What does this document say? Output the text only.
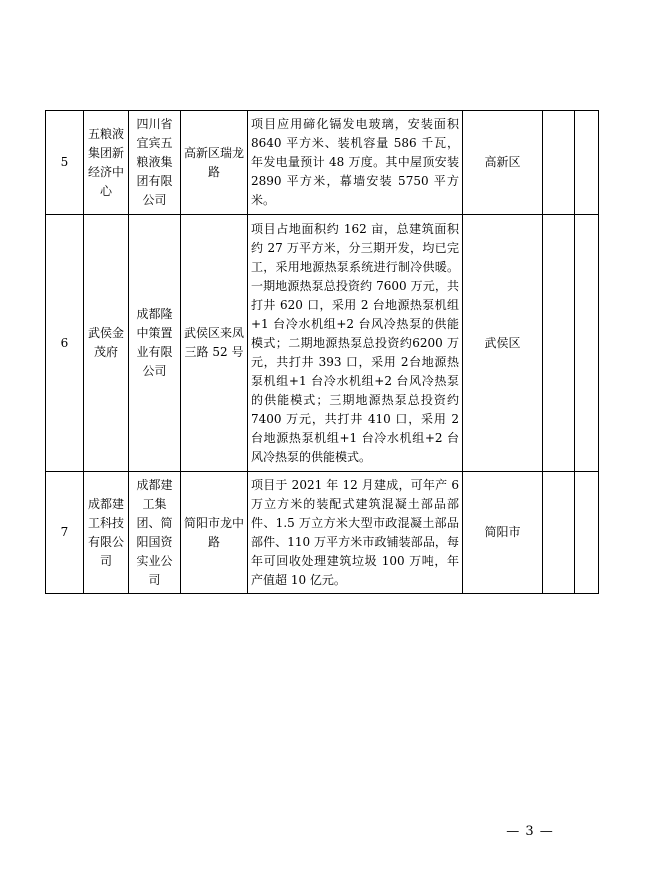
5	五粮液集团新经济中心	四川省宜宾五粮液集团有限公司	高新区瑞龙路	项目应用碲化镉发电玻璃，安装面积8640 平方米、装机容量 586 千瓦，年发电量预计 48 万度。其中屋顶安装2890 平方米，幕墙安装 5750 平方米。	高新区		
6	武侯金茂府	成都隆中策置业有限公司	武侯区来凤三路 52 号	项目占地面积约 162 亩，总建筑面积约 27 万平方米，分三期开发，均已完工，采用地源热泵系统进行制冷供暖。一期地源热泵总投资约 7600 万元，共打井 620 口，采用 2 台地源热泵机组+1 台冷水机组+2 台风冷热泵的供能模式；二期地源热泵总投资约6200 万元，共打井 393 口，采用 2台地源热泵机组+1 台冷水机组+2 台风冷热泵的供能模式；三期地源热泵总投资约 7400 万元，共打井 410 口，采用 2 台地源热泵机组+1 台冷水机组+2 台风冷热泵的供能模式。	武侯区		
7	成都建工科技有限公司	成都建工集团、简阳国资实业公司	简阳市龙中路	项目于 2021 年 12 月建成，可年产 6万立方米的装配式建筑混凝土部品部件、1.5 万立方米大型市政混凝土部品部件、110 万平方米市政铺装部品，每年可回收处理建筑垃圾 100 万吨，年产值超 10 亿元。	简阳市		
— 3 —
